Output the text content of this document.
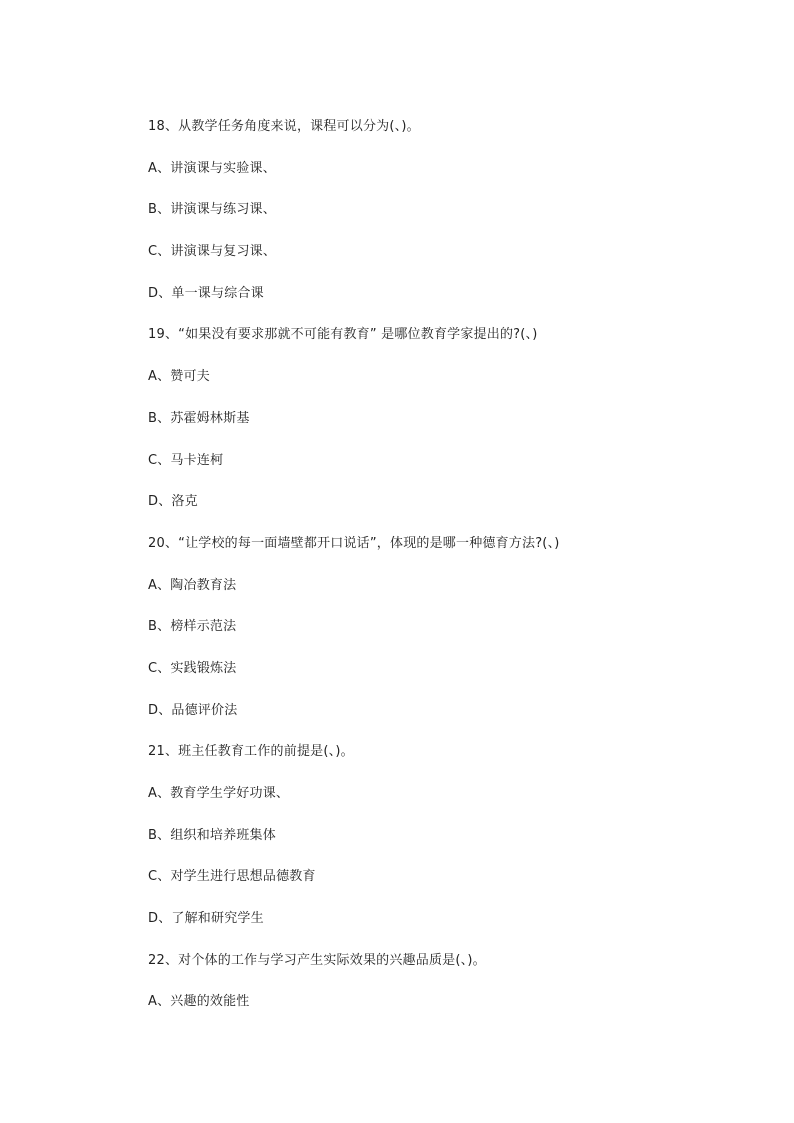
18、从教学任务角度来说，课程可以分为(、)。
A、讲演课与实验课、
B、讲演课与练习课、
C、讲演课与复习课、
D、单一课与综合课
19、“如果没有要求那就不可能有教育” 是哪位教育学家提出的?(、)
A、赞可夫
B、苏霍姆林斯基
C、马卡连柯
D、洛克
20、“让学校的每一面墙壁都开口说话”，体现的是哪一种德育方法?(、)
A、陶冶教育法
B、榜样示范法
C、实践锻炼法
D、品德评价法
21、班主任教育工作的前提是(、)。
A、教育学生学好功课、
B、组织和培养班集体
C、对学生进行思想品德教育
D、了解和研究学生
22、对个体的工作与学习产生实际效果的兴趣品质是(、)。
A、兴趣的效能性
